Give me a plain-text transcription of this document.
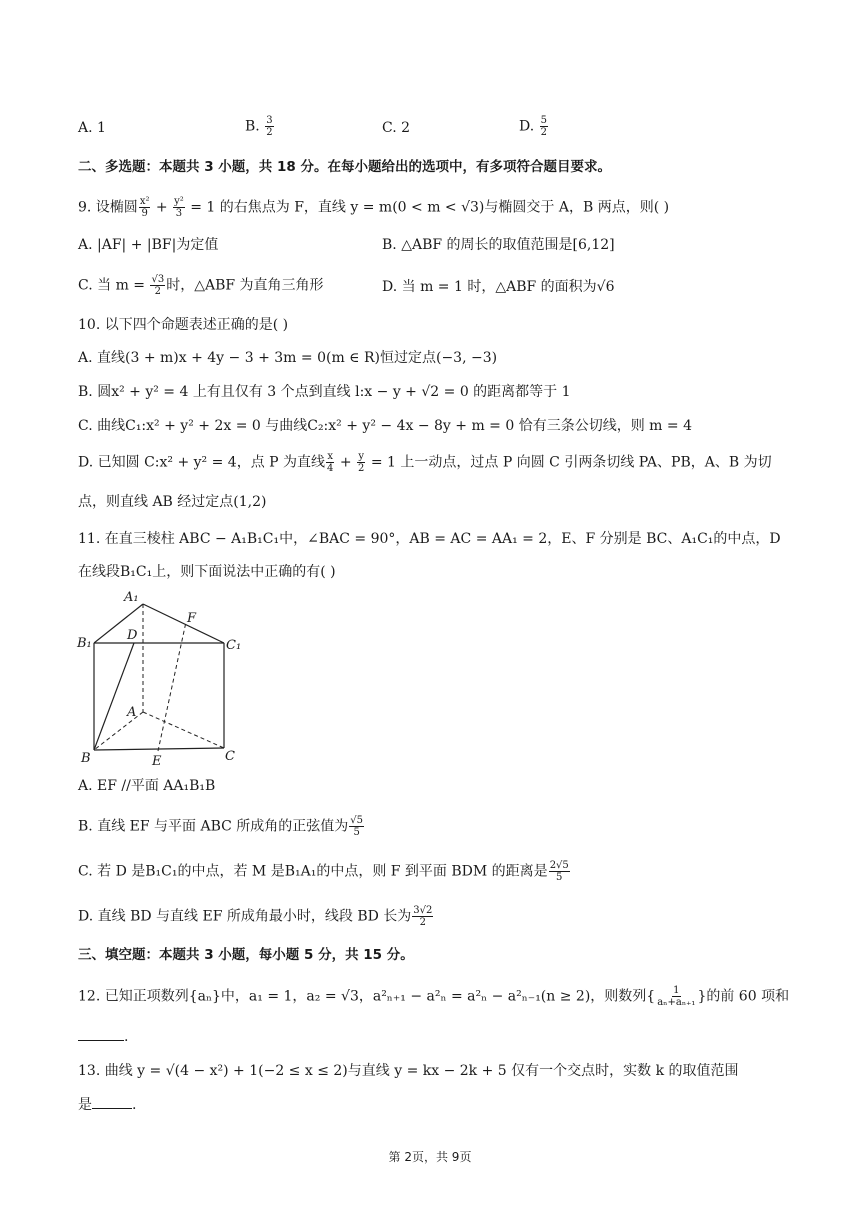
A. 1	B. $\frac{3}{2}$	C. 2	D. $\frac{5}{2}$
二、多选题：本题共 3 小题，共 18 分。在每小题给出的选项中，有多项符合题目要求。
9. 设椭圆 $\frac{\text{x²}}{9} + \frac{\text{y²}}{3} = 1$ 的右焦点为 F，直线 y = m(0 < m < √3)与椭圆交于 A，B 两点，则( )
A. |AF| + |BF|为定值	B. △ABF 的周长的取值范围是[6,12]
C. 当 $m = \frac{√3}{2}$ 时，△ABF 为直角三角形	D. 当 m = 1 时，△ABF 的面积为√6
10. 以下四个命题表述正确的是( )
A. 直线(3 + m)x + 4y − 3 + 3m = 0(m ∈ R)恒过定点(−3, −3)
B. 圆x² + y² = 4 上有且仅有 3 个点到直线 l:x − y + √2 = 0 的距离都等于 1
C. 曲线C₁:x² + y² + 2x = 0 与曲线C₂:x² + y² − 4x − 8y + m = 0 恰有三条公切线，则 m = 4
D. 已知圆 C:x² + y² = 4，点 P 为直线 $\frac{x}{4} + \frac{y}{2} = 1$ 上一动点，过点 P 向圆 C 引两条切线 PA、PB，A、B 为切
点，则直线 AB 经过定点(1,2)
11. 在直三棱柱 ABC − A₁B₁C₁中，∠BAC = 90°，AB = AC = AA₁ = 2，E、F 分别是 BC、A₁C₁的中点，D
在线段B₁C₁上，则下面说法中正确的有( )
A₁
B₁	C₁
D
F
A
B	C
E
A. EF //平面 AA₁B₁B
B. 直线 EF 与平面 ABC 所成角的正弦值为 $\frac{√5}{5}$
C. 若 D 是B₁C₁的中点，若 M 是B₁A₁的中点，则 F 到平面 BDM 的距离是 $\frac{2√5}{5}$
D. 直线 BD 与直线 EF 所成角最小时，线段 BD 长为 $\frac{3√2}{2}$
三、填空题：本题共 3 小题，每小题 5 分，共 15 分。
12. 已知正项数列{aₙ}中，a₁ = 1，a₂ = √3，a²ₙ₊₁ − a²ₙ = a²ₙ − a²ₙ₋₁(n ≥ 2)，则数列{ $\frac{1}{\text{aₙ+aₙ₊₁}}$ }的前 60 项和
.
13. 曲线 y = √(4 − x²) + 1(−2 ≤ x ≤ 2)与直线 y = kx − 2k + 5 仅有一个交点时，实数 k 的取值范围
是	.
第 2页，共 9页
